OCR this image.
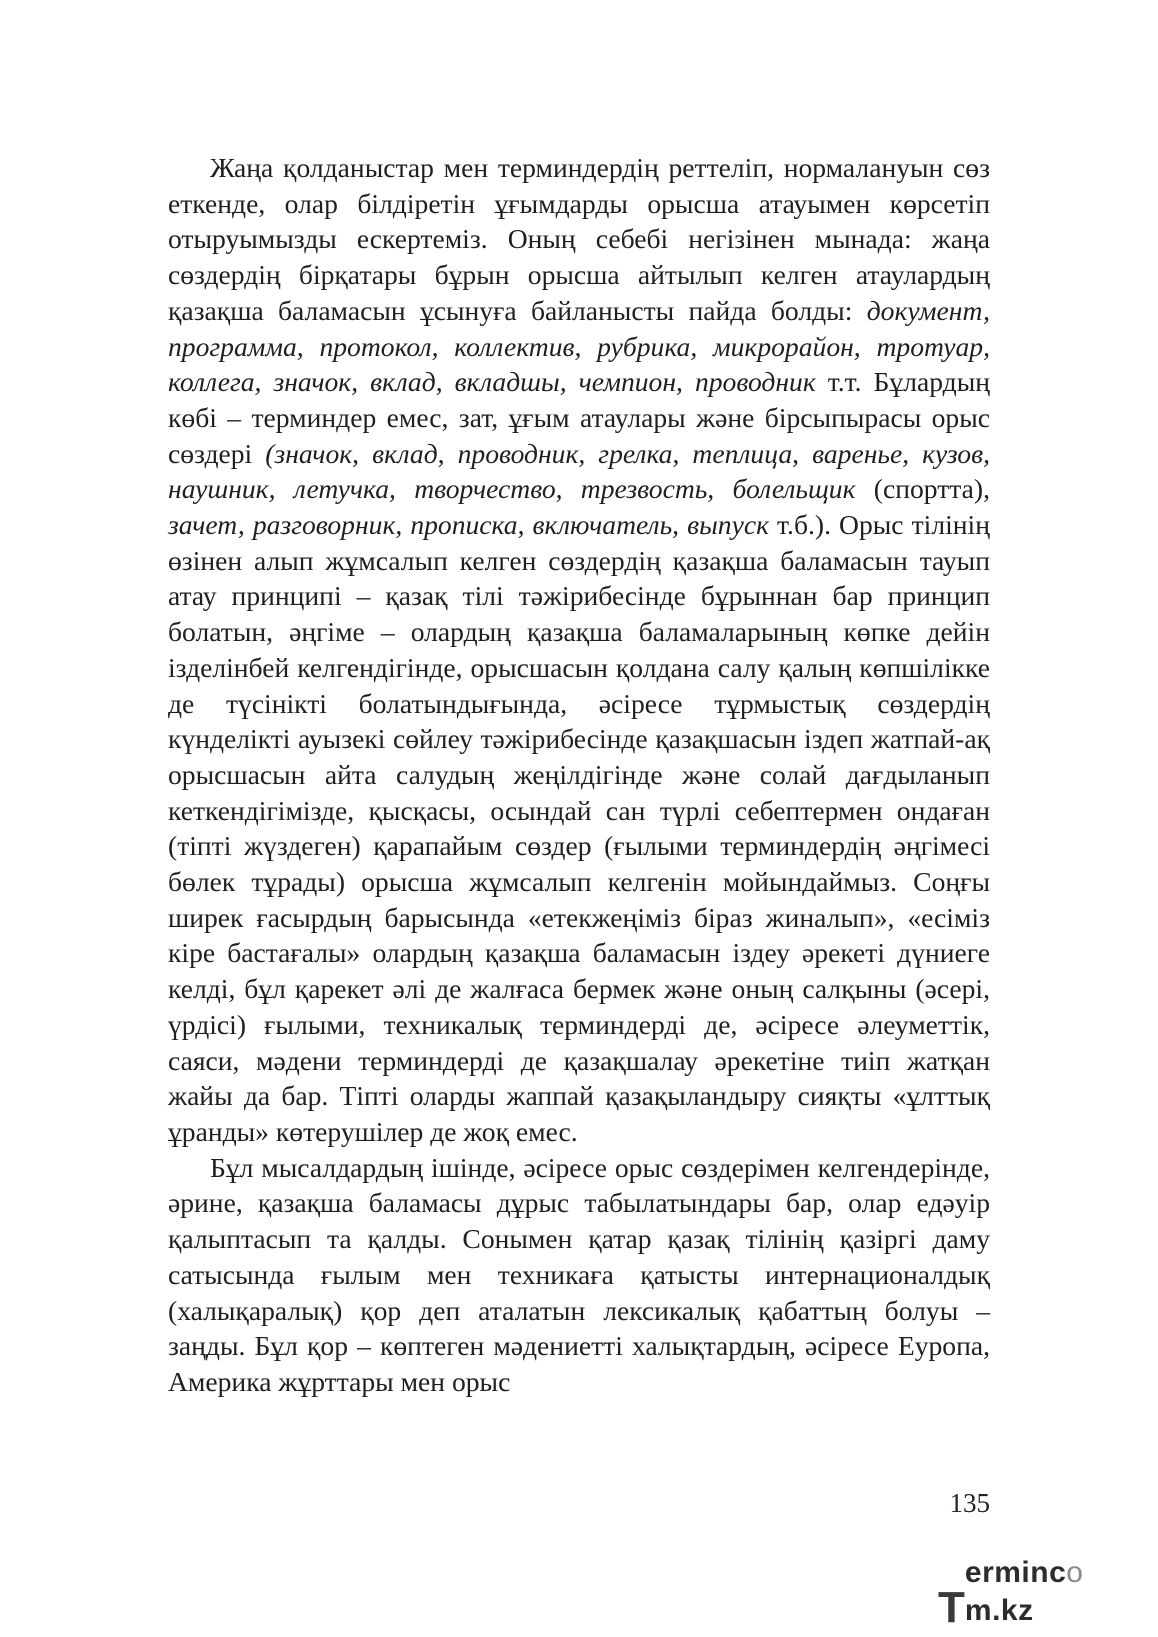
Жаңа қолданыстар мен терминдердің реттеліп, нормалануын сөз еткенде, олар білдіретін ұғымдарды орысша атауымен көрсетіп отыруымызды ескертеміз. Оның себебі негізінен мынада: жаңа сөздердің бірқатары бұрын орысша айтылып келген атаулардың қазақша баламасын ұсынуға байланысты пайда болды: документ, программа, протокол, коллектив, рубрика, микрорайон, тротуар, коллега, значок, вклад, вкладшы, чемпион, проводник т.т. Бұлардың көбі – терминдер емес, зат, ұғым атаулары және бірсыпырасы орыс сөздері (значок, вклад, проводник, грелка, теплица, варенье, кузов, наушник, летучка, творчество, трезвость, болельщик (спортта), зачет, разговорник, прописка, включатель, выпуск т.б.). Орыс тілінің өзінен алып жұмсалып келген сөздердің қазақша баламасын тауып атау принципі – қазақ тілі тәжірибесінде бұрыннан бар принцип болатын, әңгіме – олардың қазақша баламаларының көпке дейін ізделінбей келгендігінде, орысшасын қолдана салу қалың көпшілікке де түсінікті болатындығында, әсіресе тұрмыстық сөздердің күнделікті ауызекі сөйлеу тәжірибесінде қазақшасын іздеп жатпай-ақ орысшасын айта салудың жеңілдігінде және солай дағдыланып кеткендігімізде, қысқасы, осындай сан түрлі себептермен ондаған (тіпті жүздеген) қарапайым сөздер (ғылыми терминдердің әңгімесі бөлек тұрады) орысша жұмсалып келгенін мойындаймыз. Соңғы ширек ғасырдың барысында «етекжеңіміз біраз жиналып», «есіміз кіре бастағалы» олардың қазақша баламасын іздеу әрекеті дүниеге келді, бұл қарекет әлі де жалғаса бермек және оның салқыны (әсері, үрдісі) ғылыми, техникалық терминдерді де, әсіресе әлеуметтік, саяси, мәдени терминдерді де қазақшалау әрекетіне тиіп жатқан жайы да бар. Тіпті оларды жаппай қазақыландыру сияқты «ұлттық ұранды» көтерушілер де жоқ емес.

Бұл мысалдардың ішінде, әсіресе орыс сөздерімен келгендерінде, әрине, қазақша баламасы дұрыс табылатындары бар, олар едәуір қалыптасып та қалды. Сонымен қатар қазақ тілінің қазіргі даму сатысында ғылым мен техникаға қатысты интернационалдық (халықаралық) қор деп аталатын лексикалық қабаттың болуы – заңды. Бұл қор – көптеген мәдениетті халықтардың, әсіресе Еуропа, Америка жұрттары мен орыс

135
T
ermincom.kz
